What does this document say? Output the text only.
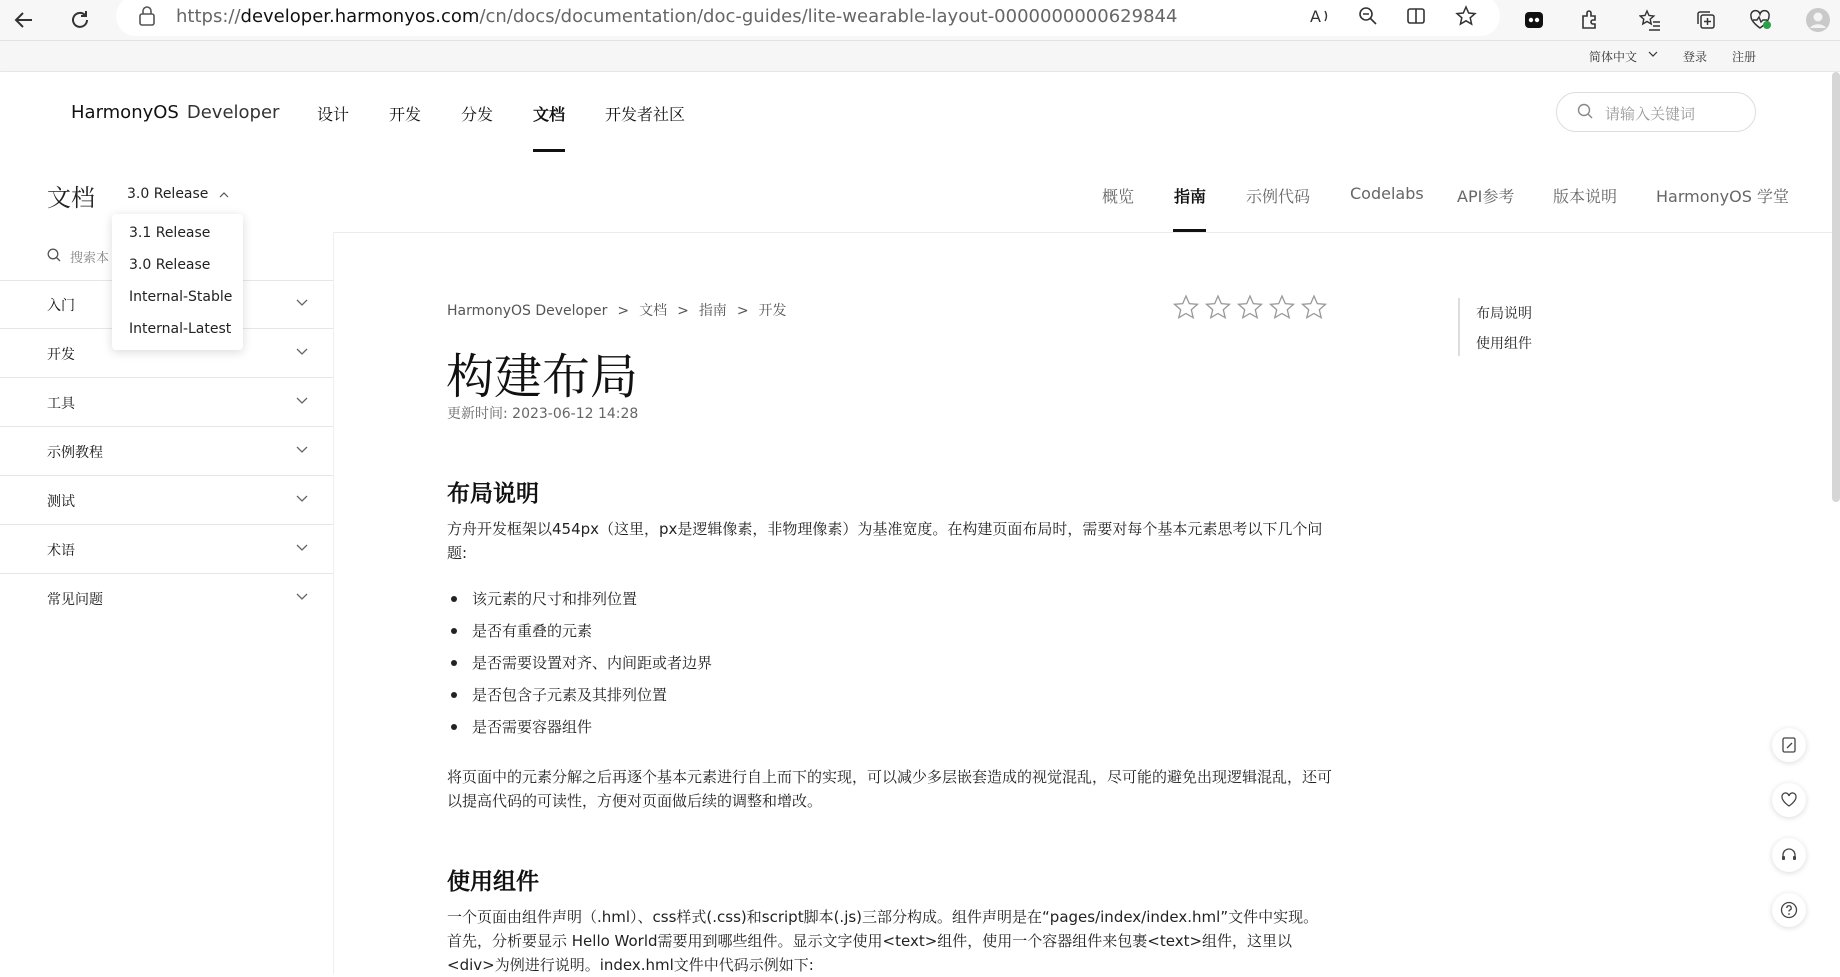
https://developer.harmonyos.com/cn/docs/documentation/doc-guides/lite-wearable-layout-0000000000629844	A
简体中文	登录 注册
HarmonyOS Developer 设计 开发 分发 文档 开发者社区	请输入关键词
文档 3.0 Release	概览 指南 示例代码 Codelabs API参考 版本说明 HarmonyOS 学堂
搜索本
入门
开发
工具
示例教程
测试
术语
常见问题
3.1 Release
3.0 Release
Internal-Stable
Internal-Latest
HarmonyOS Developer > 文档 > 指南 > 开发
构建布局
更新时间: 2023-06-12 14:28
布局说明
方舟开发框架以454px（这里，px是逻辑像素，非物理像素）为基准宽度。在构建页面布局时，需要对每个基本元素思考以下几个问题:
该元素的尺寸和排列位置
是否有重叠的元素
是否需要设置对齐、内间距或者边界
是否包含子元素及其排列位置
是否需要容器组件
将页面中的元素分解之后再逐个基本元素进行自上而下的实现，可以减少多层嵌套造成的视觉混乱，尽可能的避免出现逻辑混乱，还可以提高代码的可读性，方便对页面做后续的调整和增改。
使用组件
一个页面由组件声明（.hml）、css样式(.css)和script脚本(.js)三部分构成。组件声明是在“pages/index/index.hml”文件中实现。首先，分析要显示 Hello World需要用到哪些组件。显示文字使用<text>组件，使用一个容器组件来包裹<text>组件，这里以<div>为例进行说明。index.hml文件中代码示例如下:
布局说明
使用组件
